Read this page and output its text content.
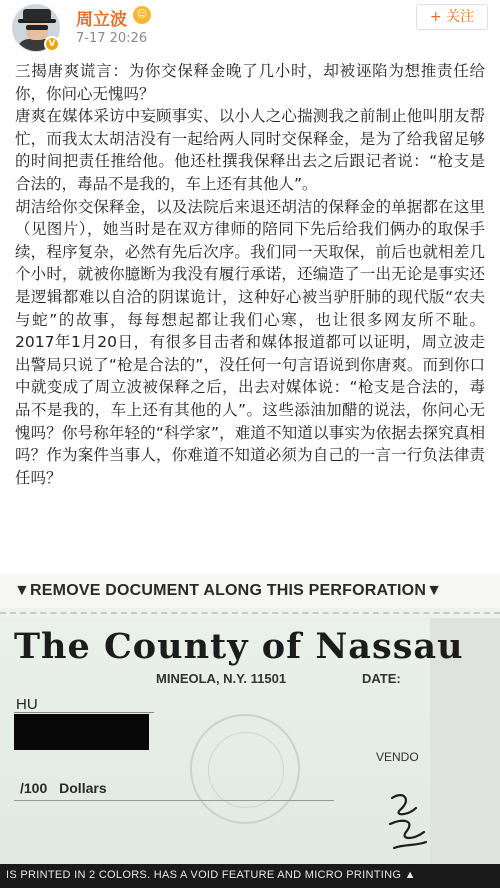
V
周立波 ☺
7-17 20:26
+ 关注

三揭唐爽谎言：为你交保释金晚了几小时，却被诬陷为想推责任给你，你问心无愧吗？

唐爽在媒体采访中妄顾事实、以小人之心揣测我之前制止他叫朋友帮忙，而我太太胡洁没有一起给两人同时交保释金，是为了给我留足够的时间把责任推给他。他还杜撰我保释出去之后跟记者说：“枪支是合法的，毒品不是我的，车上还有其他人”。

胡洁给你交保释金，以及法院后来退还胡洁的保释金的单据都在这里（见图片），她当时是在双方律师的陪同下先后给我们俩办的取保手续，程序复杂，必然有先后次序。我们同一天取保，前后也就相差几个小时，就被你臆断为我没有履行承诺，还编造了一出无论是事实还是逻辑都难以自洽的阴谋诡计，这种好心被当驴肝肺的现代版“农夫与蛇”的故事，每每想起都让我们心寒，也让很多网友所不耻。 2017年1月20日，有很多目击者和媒体报道都可以证明，周立波走出警局只说了“枪是合法的”，没任何一句言语说到你唐爽。而到你口中就变成了周立波被保释之后，出去对媒体说：“枪支是合法的，毒品不是我的，车上还有其他的人”。这些添油加醋的说法，你问心无愧吗？你号称年轻的“科学家”，难道不知道以事实为依据去探究真相吗？作为案件当事人，你难道不知道必须为自己的一言一行负法律责任吗？

▼REMOVE DOCUMENT ALONG THIS PERFORATION▼
The County of Nassau
MINEOLA, N.Y. 11501	DATE:
HU
VENDO
/100 Dollars
IS PRINTED IN 2 COLORS. HAS A VOID FEATURE AND MICRO PRINTING ▲
